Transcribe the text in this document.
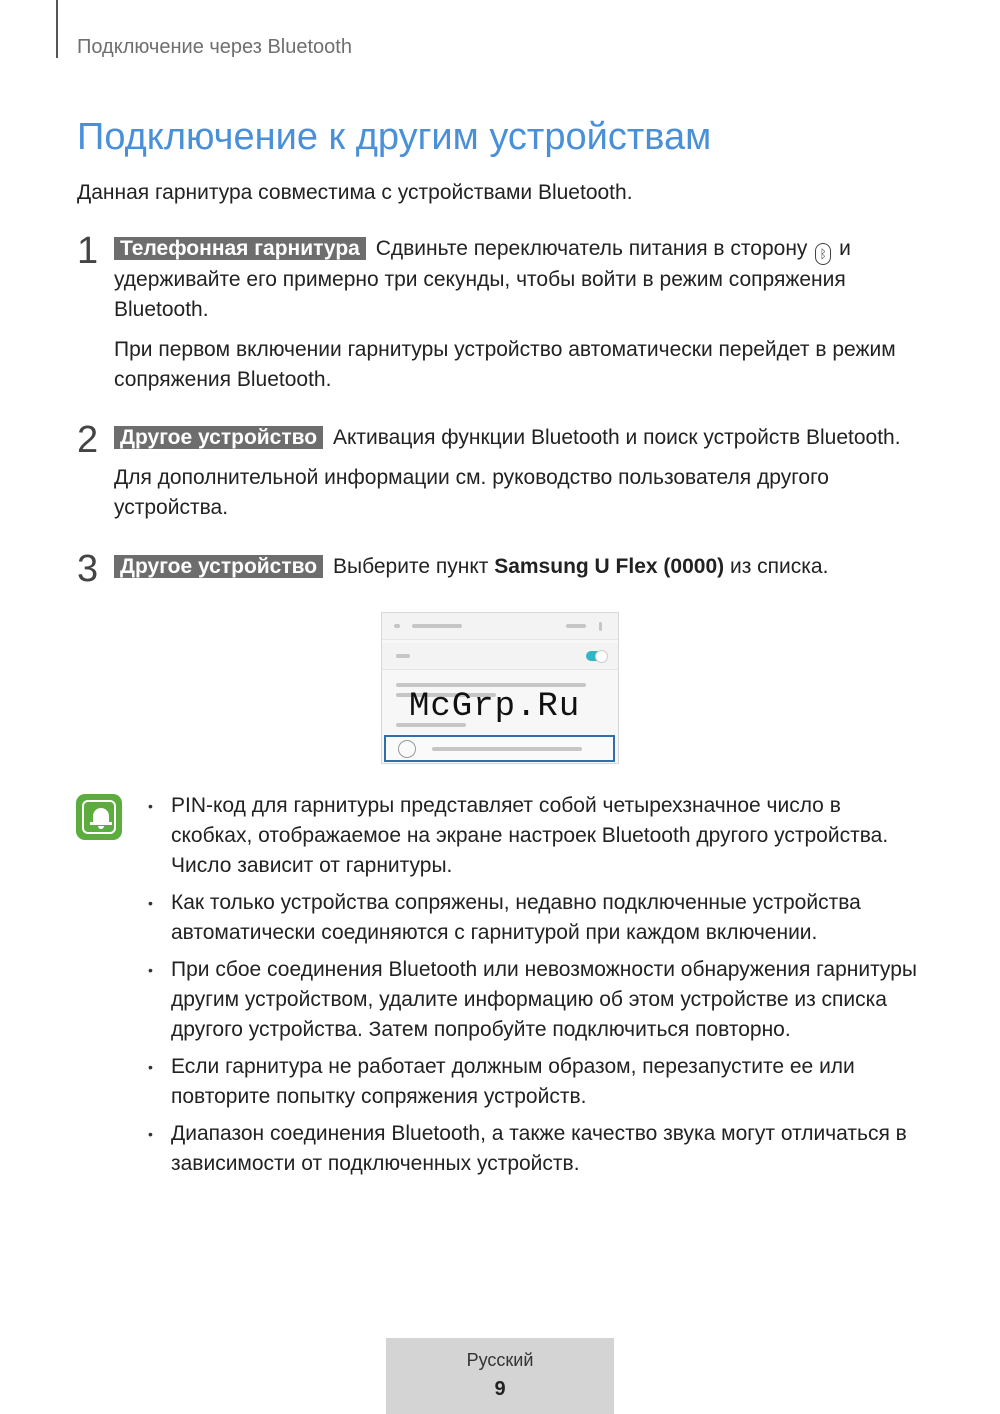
Подключение через Bluetooth
Подключение к другим устройствам
Данная гарнитура совместима с устройствами Bluetooth.
1 Телефонная гарнитура Сдвиньте переключатель питания в сторону ᛒ и удерживайте его примерно три секунды, чтобы войти в режим сопряжения Bluetooth.
При первом включении гарнитуры устройство автоматически перейдет в режим сопряжения Bluetooth.
2 Другое устройство Активация функции Bluetooth и поиск устройств Bluetooth.
Для дополнительной информации см. руководство пользователя другого устройства.
3 Другое устройство Выберите пункт Samsung U Flex (0000) из списка.
McGrp.Ru
• PIN-код для гарнитуры представляет собой четырехзначное число в скобках, отображаемое на экране настроек Bluetooth другого устройства. Число зависит от гарнитуры.
• Как только устройства сопряжены, недавно подключенные устройства автоматически соединяются с гарнитурой при каждом включении.
• При сбое соединения Bluetooth или невозможности обнаружения гарнитуры другим устройством, удалите информацию об этом устройстве из списка другого устройства. Затем попробуйте подключиться повторно.
• Если гарнитура не работает должным образом, перезапустите ее или повторите попытку сопряжения устройств.
• Диапазон соединения Bluetooth, а также качество звука могут отличаться в зависимости от подключенных устройств.
Русский
9
